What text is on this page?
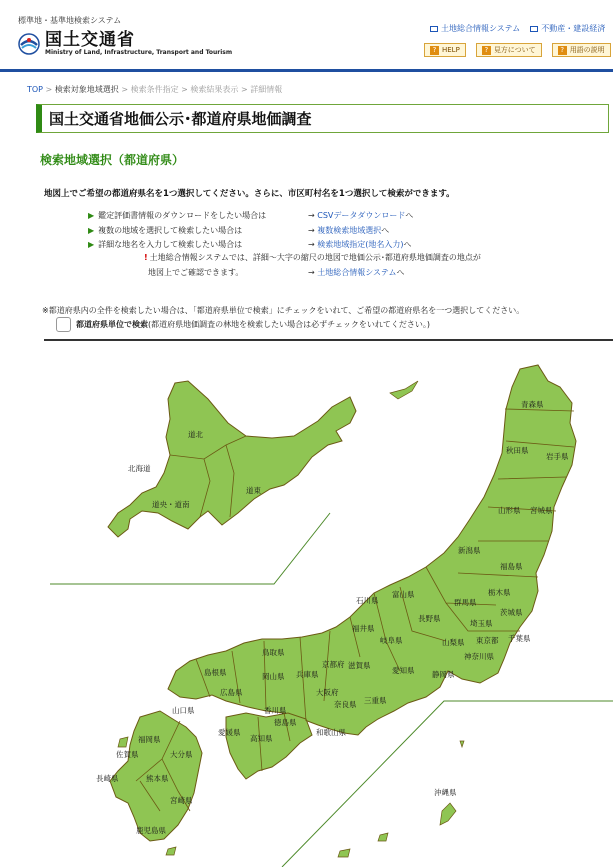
標準地・基準地検索システム
国土交通省
Ministry of Land, Infrastructure, Transport and Tourism
土地総合情報システム	不動産・建設経済
? HELP	? 見方について	? 用語の説明
TOP > 検索対象地域選択 > 検索条件指定 > 検索結果表示 > 詳細情報
国土交通省地価公示･都道府県地価調査
検索地域選択（都道府県）
地図上でご希望の都道府県名を1つ選択してください。さらに、市区町村名を1つ選択して検索ができます。
▶ 鑑定評価書情報のダウンロードをしたい場合は	→ CSVデータダウンロードへ
▶ 複数の地域を選択して検索したい場合は	→ 複数検索地域選択へ
▶ 詳細な地名を入力して検索したい場合は	→ 検索地域指定(地名入力)へ
! 土地総合情報システムでは、詳細～大字の縮尺の地図で地価公示･都道府県地価調査の地点が
地図上でご確認できます。	→ 土地総合情報システムへ
※都道府県内の全件を検索したい場合は、「都道府県単位で検索」にチェックをいれて、ご希望の都道府県名を一つ選択してください。
都道府県単位で検索 (都道府県地価調査の林地を検索したい場合は必ずチェックをいれてください。)
道北
北海道
道東
道央・道南
青森県
秋田県
岩手県
山形県 宮城県
新潟県
福島県
栃木県
群馬県
茨城県
石川県
富山県
長野県
埼玉県
福井県
東京都 千葉県
山梨県
岐阜県
神奈川県
鳥取県
京都府 滋賀県
愛知県
島根県	岡山県 兵庫県	静岡県
大阪府
広島県
三重県
山口県	香川県
奈良県
徳島県
和歌山県
福岡県
愛媛県
高知県
佐賀県	大分県
長崎県	熊本県
宮崎県
鹿児島県
沖縄県
